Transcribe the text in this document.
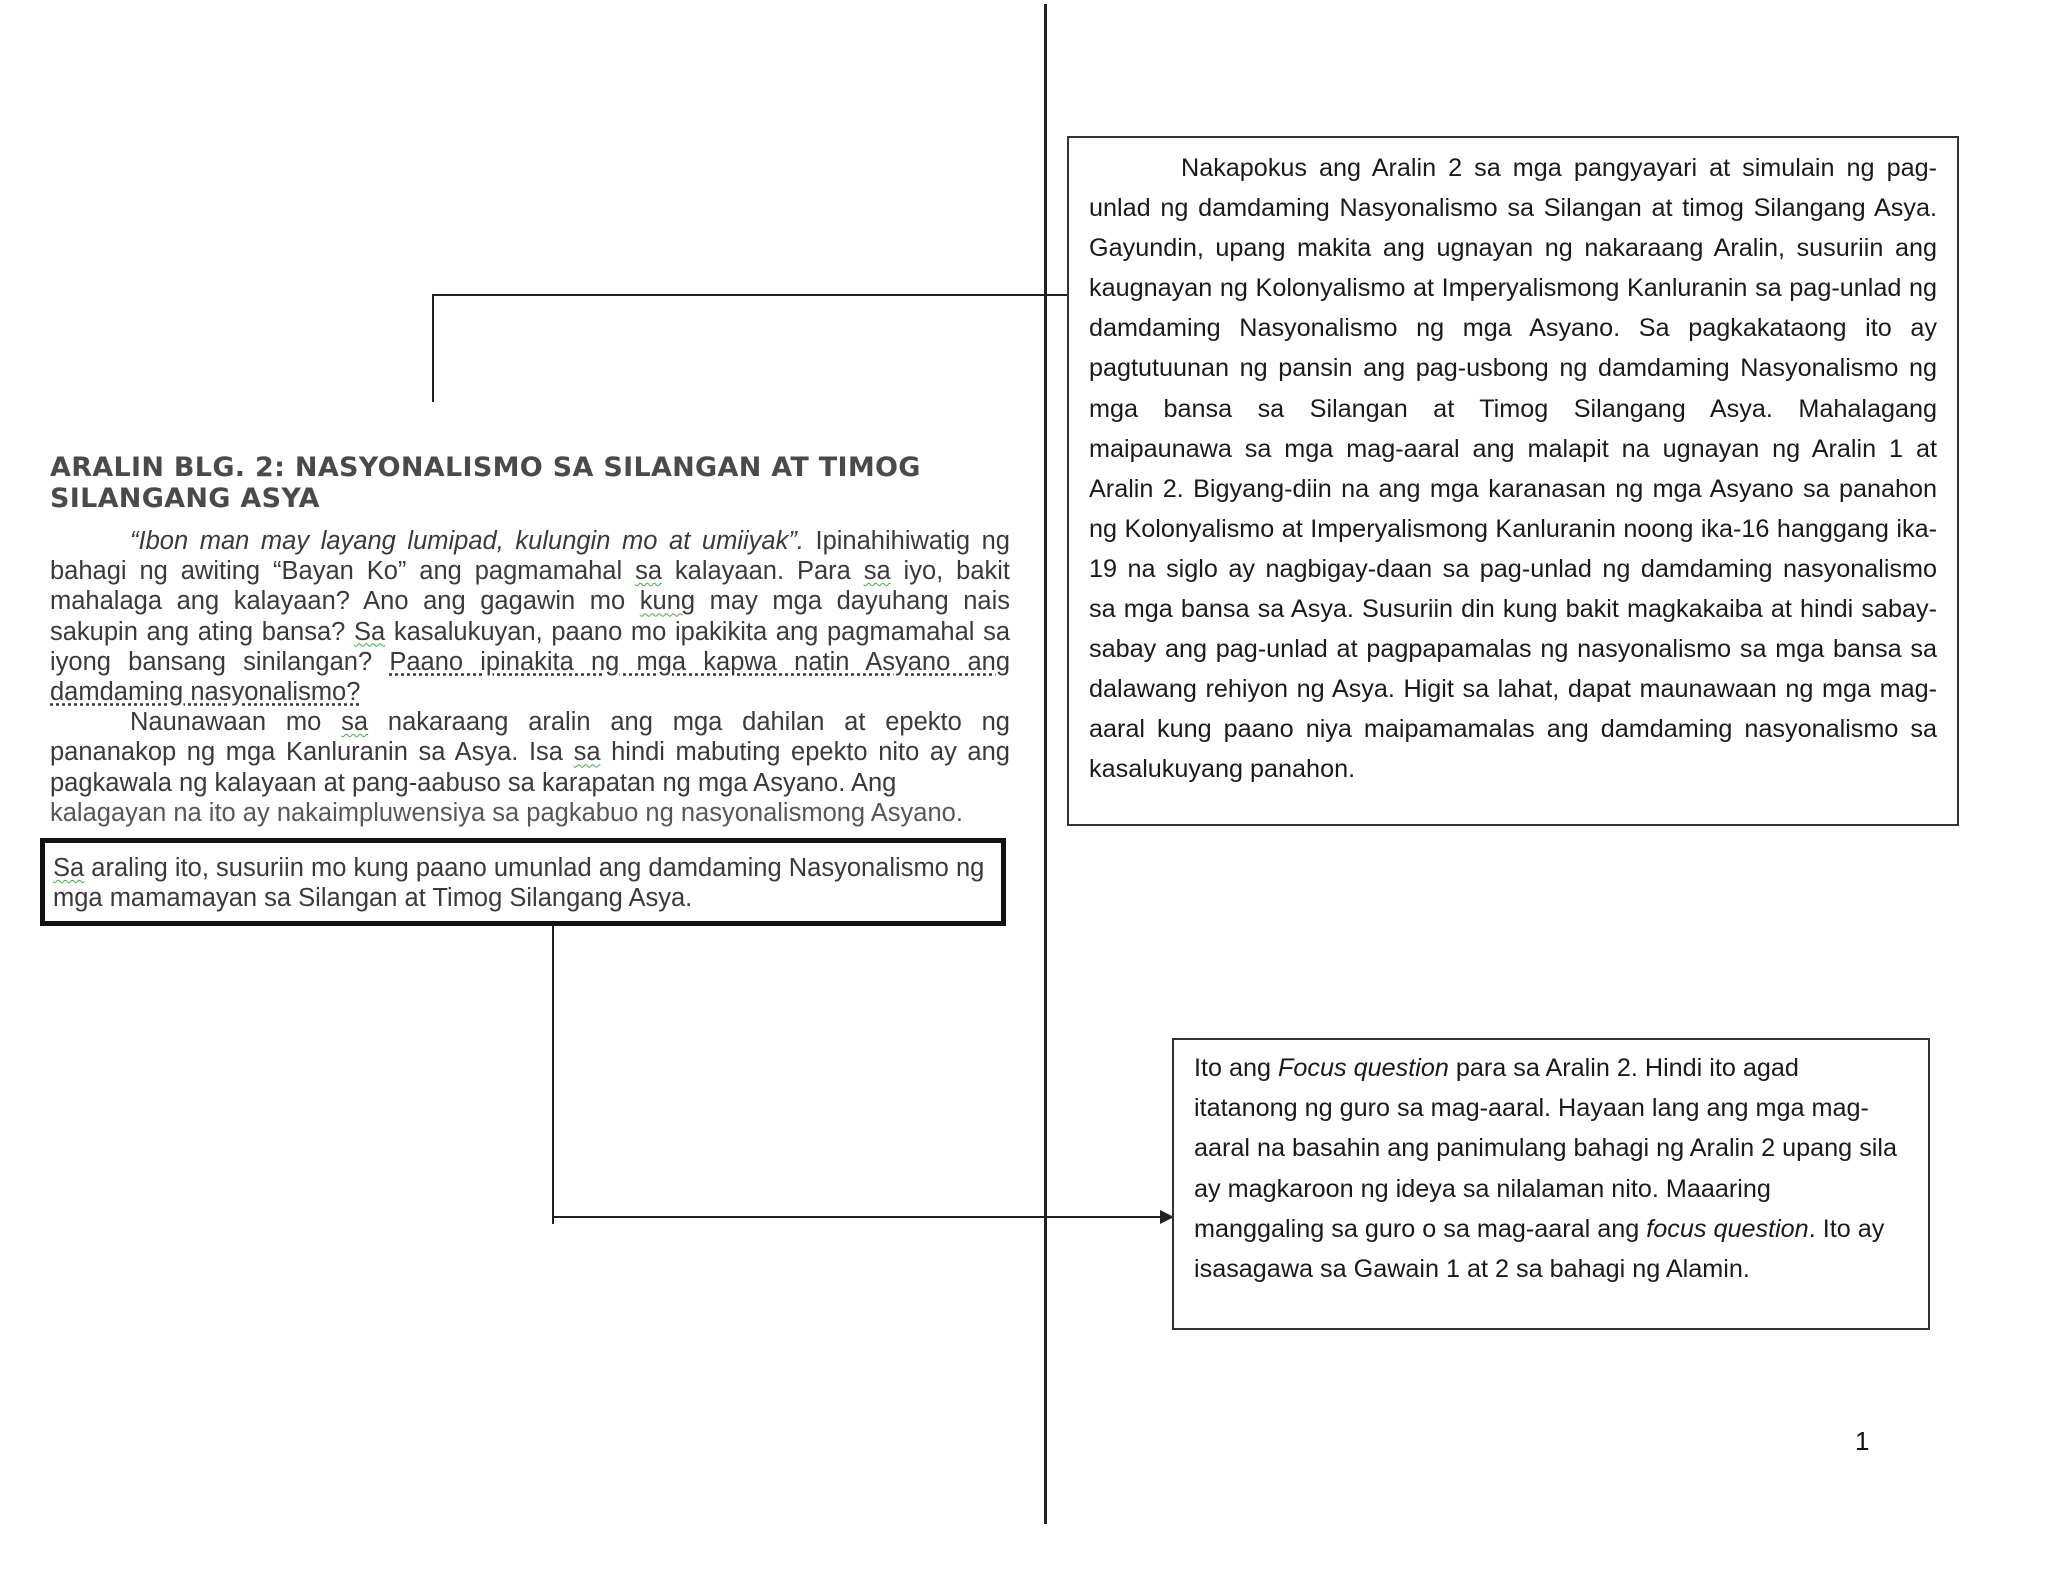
ARALIN BLG. 2: NASYONALISMO SA SILANGAN AT TIMOG
SILANGANG ASYA

“Ibon man may layang lumipad, kulungin mo at umiiyak”. Ipinahihiwatig ng bahagi ng awiting “Bayan Ko” ang pagmamahal sa kalayaan. Para sa iyo, bakit mahalaga ang kalayaan? Ano ang gagawin mo kung may mga dayuhang nais sakupin ang ating bansa? Sa kasalukuyan, paano mo ipakikita ang pagmamahal sa iyong bansang sinilangan? Paano ipinakita ng mga kapwa natin Asyano ang damdaming nasyonalismo?

Naunawaan mo sa nakaraang aralin ang mga dahilan at epekto ng pananakop ng mga Kanluranin sa Asya. Isa sa hindi mabuting epekto nito ay ang pagkawala ng kalayaan at pang-aabuso sa karapatan ng mga Asyano. Ang

kalagayan na ito ay nakaimpluwensiya sa pagkabuo ng nasyonalismong Asyano.

Sa araling ito, susuriin mo kung paano umunlad ang damdaming Nasyonalismo ng mga mamamayan sa Silangan at Timog Silangang Asya.

Nakapokus ang Aralin 2 sa mga pangyayari at simulain ng pag-unlad ng damdaming Nasyonalismo sa Silangan at timog Silangang Asya. Gayundin, upang makita ang ugnayan ng nakaraang Aralin, susuriin ang kaugnayan ng Kolonyalismo at Imperyalismong Kanluranin sa pag-unlad ng damdaming Nasyonalismo ng mga Asyano. Sa pagkakataong ito ay pagtutuunan ng pansin ang pag-usbong ng damdaming Nasyonalismo ng mga bansa sa Silangan at Timog Silangang Asya. Mahalagang maipaunawa sa mga mag-aaral ang malapit na ugnayan ng Aralin 1 at Aralin 2. Bigyang-diin na ang mga karanasan ng mga Asyano sa panahon ng Kolonyalismo at Imperyalismong Kanluranin noong ika-16 hanggang ika-19 na siglo ay nagbigay-daan sa pag-unlad ng damdaming nasyonalismo sa mga bansa sa Asya. Susuriin din kung bakit magkakaiba at hindi sabay-sabay ang pag-unlad at pagpapamalas ng nasyonalismo sa mga bansa sa dalawang rehiyon ng Asya. Higit sa lahat, dapat maunawaan ng mga mag-aaral kung paano niya maipamamalas ang damdaming nasyonalismo sa kasalukuyang panahon.

Ito ang Focus question para sa Aralin 2. Hindi ito agad itatanong ng guro sa mag-aaral. Hayaan lang ang mga mag-aaral na basahin ang panimulang bahagi ng Aralin 2 upang sila ay magkaroon ng ideya sa nilalaman nito. Maaaring manggaling sa guro o sa mag-aaral ang focus question. Ito ay isasagawa sa Gawain 1 at 2 sa bahagi ng Alamin.

1
